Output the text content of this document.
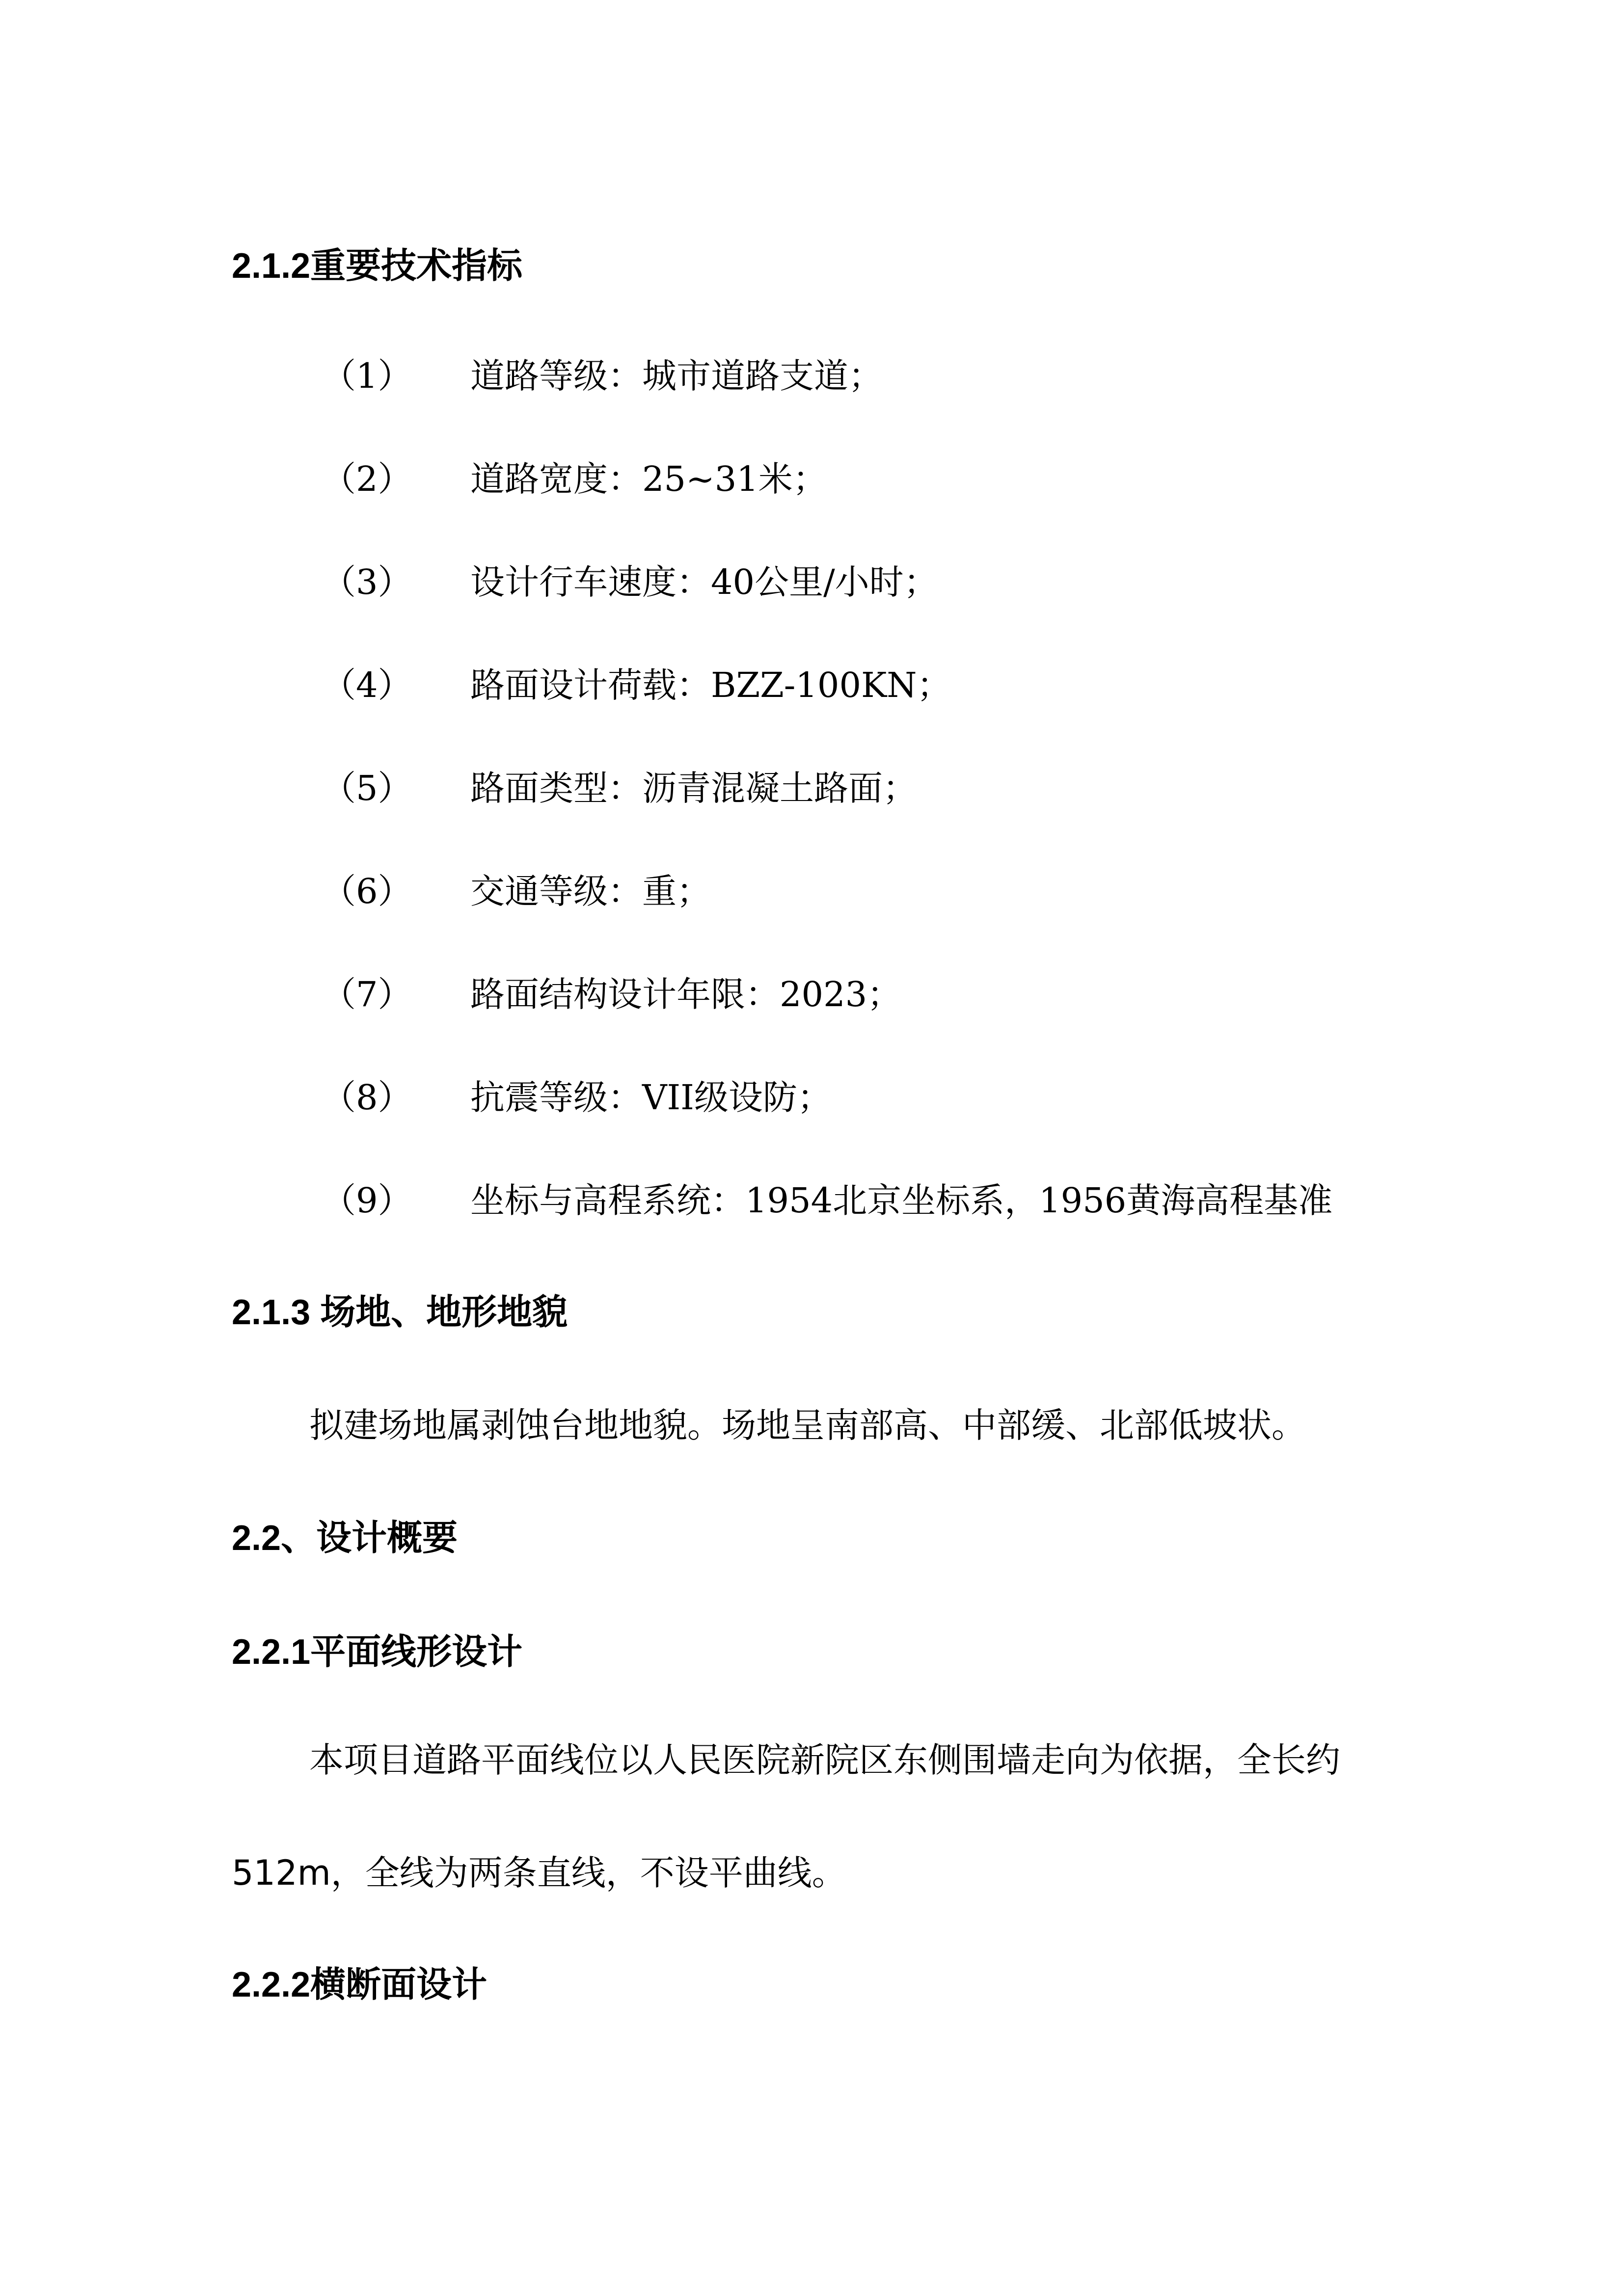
2.1.2重要技术指标
（1） 道路等级：城市道路支道；
（2） 道路宽度：25~31米；
（3） 设计行车速度：40公里/小时；
（4） 路面设计荷载：BZZ-100KN；
（5） 路面类型：沥青混凝土路面；
（6） 交通等级：重；
（7） 路面结构设计年限：2023；
（8） 抗震等级：VII级设防；
（9） 坐标与高程系统：1954北京坐标系，1956黄海高程基准
2.1.3 场地、地形地貌
拟建场地属剥蚀台地地貌。场地呈南部高、中部缓、北部低坡状。
2.2、设计概要
2.2.1平面线形设计
本项目道路平面线位以人民医院新院区东侧围墙走向为依据，全长约
512m，全线为两条直线，不设平曲线。
2.2.2横断面设计
